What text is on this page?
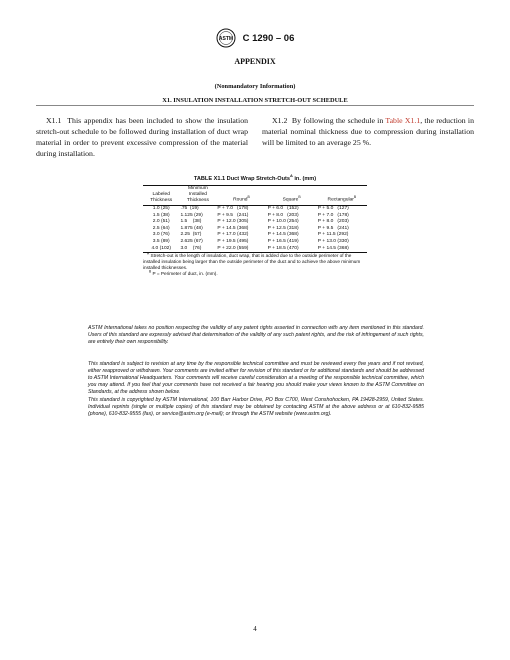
ASTM C 1290 – 06
APPENDIX
(Nonmandatory Information)
X1. INSULATION INSTALLATION STRETCH-OUT SCHEDULE

X1.1 This appendix has been included to show the insulation stretch-out schedule to be followed during installation of duct wrap material in order to prevent excessive compression of the material during installation.

X1.2 By following the schedule in Table X1.1, the reduction in material nominal thickness due to compression during installation will be limited to an average 25 %.

TABLE X1.1 Duct Wrap Stretch-Outs$^A$ in. (mm)
Labeled
Thickness	Minimum
Installed
Thickness	Round$^B$	Square$^B$	Rectangular$^B$
1.0 (25)	.75  (19)	P + 7.0   (178)	P + 6.0   (152)	P + 5.0   (127)
1.5 (38)	1.125 (29)	P + 9.5   (241)	P + 8.0   (203)	P + 7.0   (178)
2.0 (51)	1.5    (38)	P + 12.0 (305)	P + 10.0 (254)	P + 8.0   (203)
2.5 (64)	1.875 (48)	P + 14.5 (368)	P + 12.5 (318)	P + 9.5   (241)
3.0 (76)	2.25  (57)	P + 17.0 (432)	P + 14.5 (368)	P + 11.5 (292)
3.5 (89)	2.625 (67)	P + 19.5 (495)	P + 16.5 (419)	P + 13.0 (330)
4.0 (102)	3.0    (76)	P + 22.0 (559)	P + 18.5 (470)	P + 14.5 (368)

$^A$ Stretch-out is the length of insulation, duct wrap, that is added due to the outside perimeter of the installed insulation being larger than the outside perimeter of the duct and to achieve the above minimum installed thicknesses.

$^B$ P = Perimeter of duct, in. (mm).

ASTM International takes no position respecting the validity of any patent rights asserted in connection with any item mentioned in this standard. Users of this standard are expressly advised that determination of the validity of any such patent rights, and the risk of infringement of such rights, are entirely their own responsibility.

This standard is subject to revision at any time by the responsible technical committee and must be reviewed every five years and if not revised, either reapproved or withdrawn. Your comments are invited either for revision of this standard or for additional standards and should be addressed to ASTM International Headquarters. Your comments will receive careful consideration at a meeting of the responsible technical committee, which you may attend. If you feel that your comments have not received a fair hearing you should make your views known to the ASTM Committee on Standards, at the address shown below.

This standard is copyrighted by ASTM International, 100 Barr Harbor Drive, PO Box C700, West Conshohocken, PA 19428-2959, United States. Individual reprints (single or multiple copies) of this standard may be obtained by contacting ASTM at the above address or at 610-832-9585 (phone), 610-832-9555 (fax), or service@astm.org (e-mail); or through the ASTM website (www.astm.org).

4
